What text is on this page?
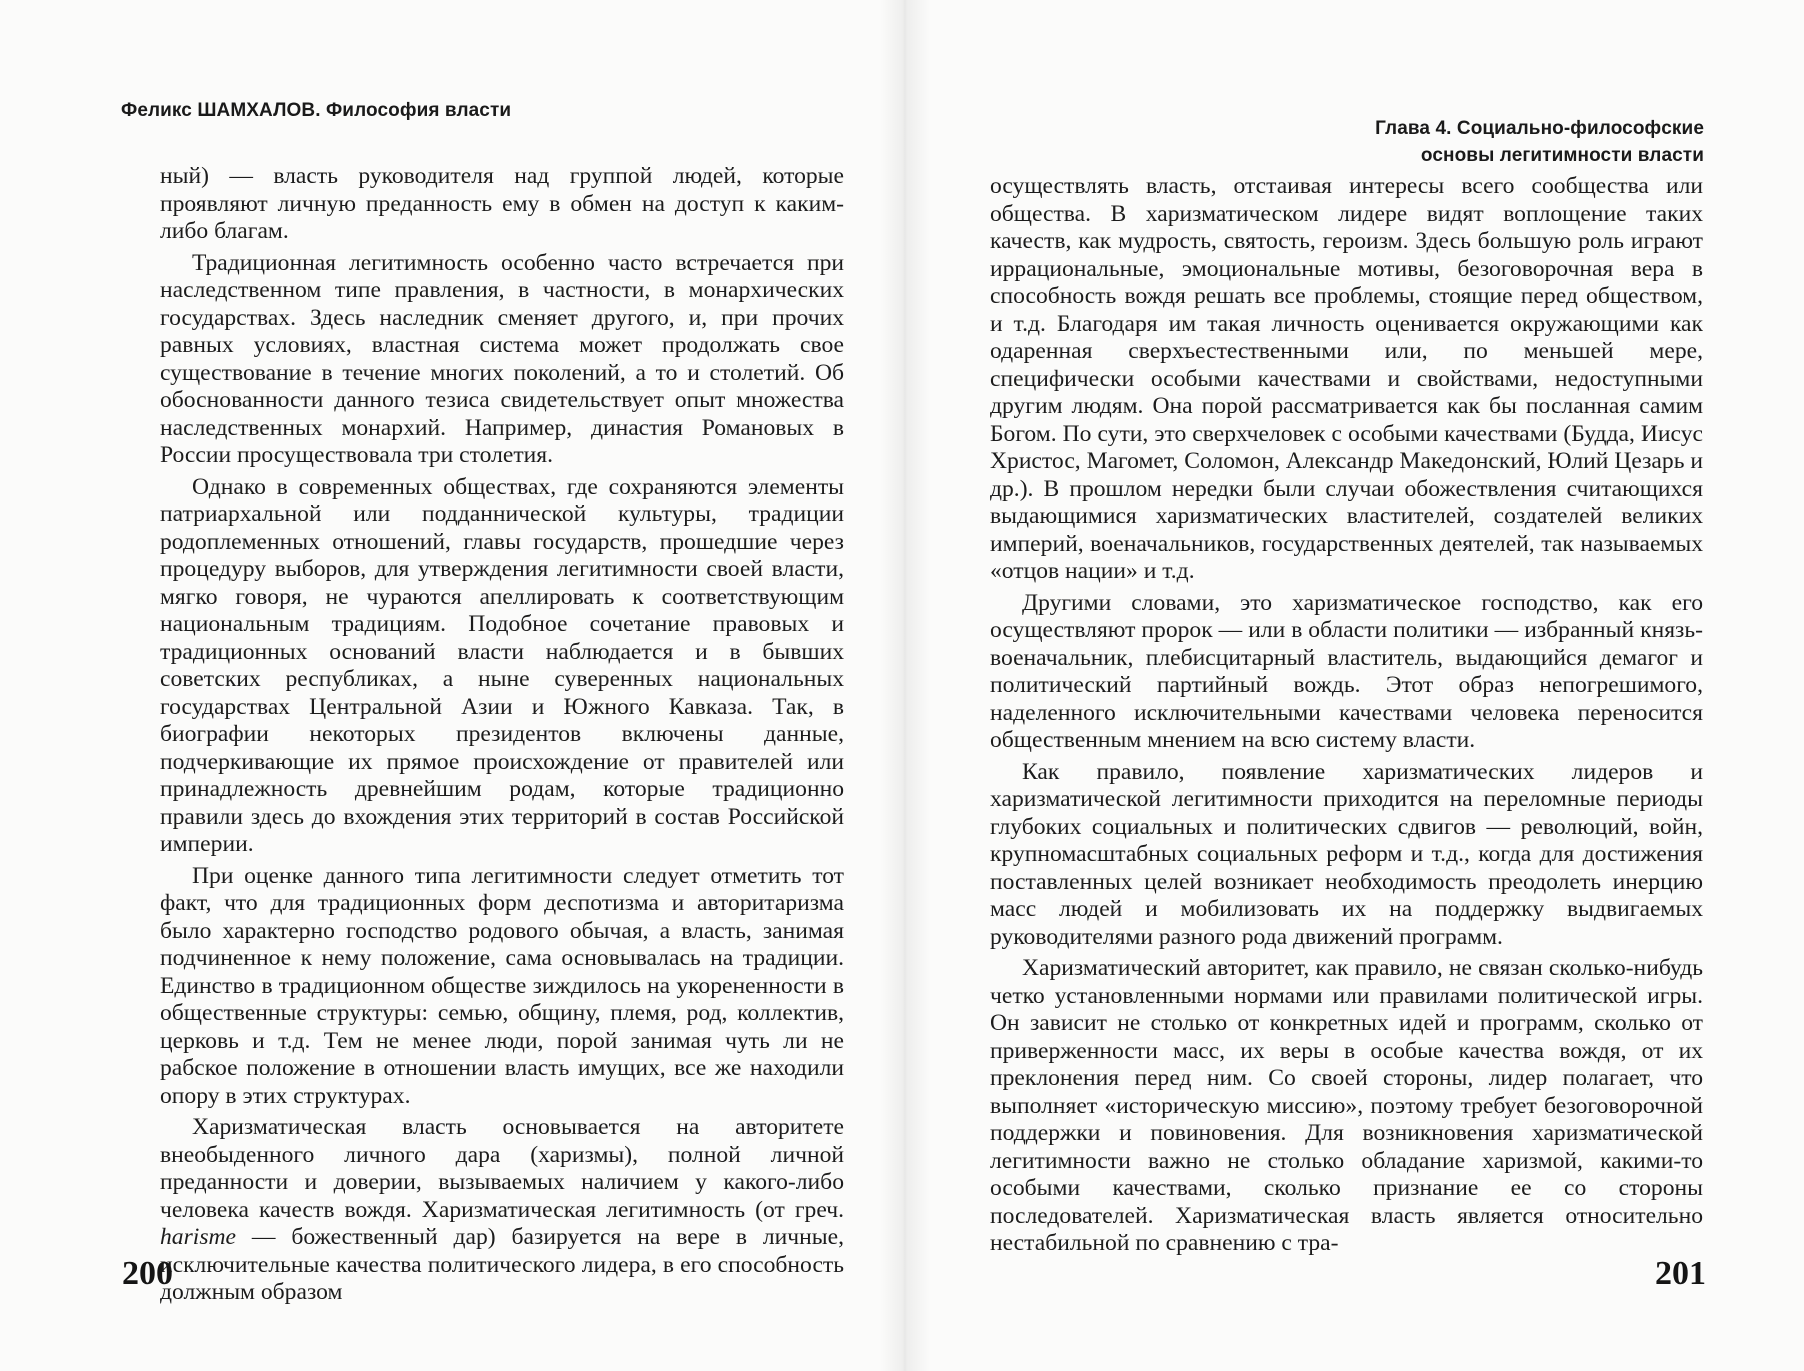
Феликс ШАМХАЛОВ. Философия власти

ный) — власть руководителя над группой людей, которые проявляют личную преданность ему в обмен на доступ к каким-либо благам.

Традиционная легитимность особенно часто встречается при наследственном типе правления, в частности, в монархических государствах. Здесь наследник сменяет другого, и, при прочих равных условиях, властная система может продолжать свое существование в течение многих поколений, а то и столетий. Об обоснованности данного тезиса свидетельствует опыт множества наследственных монархий. Например, династия Романовых в России просуществовала три столетия.

Однако в современных обществах, где сохраняются элементы патриархальной или подданнической культуры, традиции родоплеменных отношений, главы государств, прошедшие через процедуру выборов, для утверждения легитимности своей власти, мягко говоря, не чураются апеллировать к соответствующим национальным традициям. Подобное сочетание правовых и традиционных оснований власти наблюдается и в бывших советских республиках, а ныне суверенных национальных государствах Центральной Азии и Южного Кавказа. Так, в биографии некоторых президентов включены данные, подчеркивающие их прямое происхождение от правителей или принадлежность древнейшим родам, которые традиционно правили здесь до вхождения этих территорий в состав Российской империи.

При оценке данного типа легитимности следует отметить тот факт, что для традиционных форм деспотизма и авторитаризма было характерно господство родового обычая, а власть, занимая подчиненное к нему положение, сама основывалась на традиции. Единство в традиционном обществе зиждилось на укорененности в общественные структуры: семью, общину, племя, род, коллектив, церковь и т.д. Тем не менее люди, порой занимая чуть ли не рабское положение в отношении власть имущих, все же находили опору в этих структурах.

Харизматическая власть основывается на авторитете внеобыденного личного дара (харизмы), полной личной преданности и доверии, вызываемых наличием у какого-либо человека качеств вождя. Харизматическая легитимность (от греч. harisme — божественный дар) базируется на вере в личные, исключительные качества политического лидера, в его способность должным образом

200
Глава 4. Социально-философские
основы легитимности власти

осуществлять власть, отстаивая интересы всего сообщества или общества. В харизматическом лидере видят воплощение таких качеств, как мудрость, святость, героизм. Здесь большую роль играют иррациональные, эмоциональные мотивы, безоговорочная вера в способность вождя решать все проблемы, стоящие перед обществом, и т.д. Благодаря им такая личность оценивается окружающими как одаренная сверхъестественными или, по меньшей мере, специфически особыми качествами и свойствами, недоступными другим людям. Она порой рассматривается как бы посланная самим Богом. По сути, это сверхчеловек с особыми качествами (Будда, Иисус Христос, Магомет, Соломон, Александр Македонский, Юлий Цезарь и др.). В прошлом нередки были случаи обожествления считающихся выдающимися харизматических властителей, создателей великих империй, военачальников, государственных деятелей, так называемых «отцов нации» и т.д.

Другими словами, это харизматическое господство, как его осуществляют пророк — или в области политики — избранный князь-военачальник, плебисцитарный властитель, выдающийся демагог и политический партийный вождь. Этот образ непогрешимого, наделенного исключительными качествами человека переносится общественным мнением на всю систему власти.

Как правило, появление харизматических лидеров и харизматической легитимности приходится на переломные периоды глубоких социальных и политических сдвигов — революций, войн, крупномасштабных социальных реформ и т.д., когда для достижения поставленных целей возникает необходимость преодолеть инерцию масс людей и мобилизовать их на поддержку выдвигаемых руководителями разного рода движений программ.

Харизматический авторитет, как правило, не связан сколько-нибудь четко установленными нормами или правилами политической игры. Он зависит не столько от конкретных идей и программ, сколько от приверженности масс, их веры в особые качества вождя, от их преклонения перед ним. Со своей стороны, лидер полагает, что выполняет «историческую миссию», поэтому требует безоговорочной поддержки и повиновения. Для возникновения харизматической легитимности важно не столько обладание харизмой, какими-то особыми качествами, сколько признание ее со стороны последователей. Харизматическая власть является относительно нестабильной по сравнению с тра-

201
